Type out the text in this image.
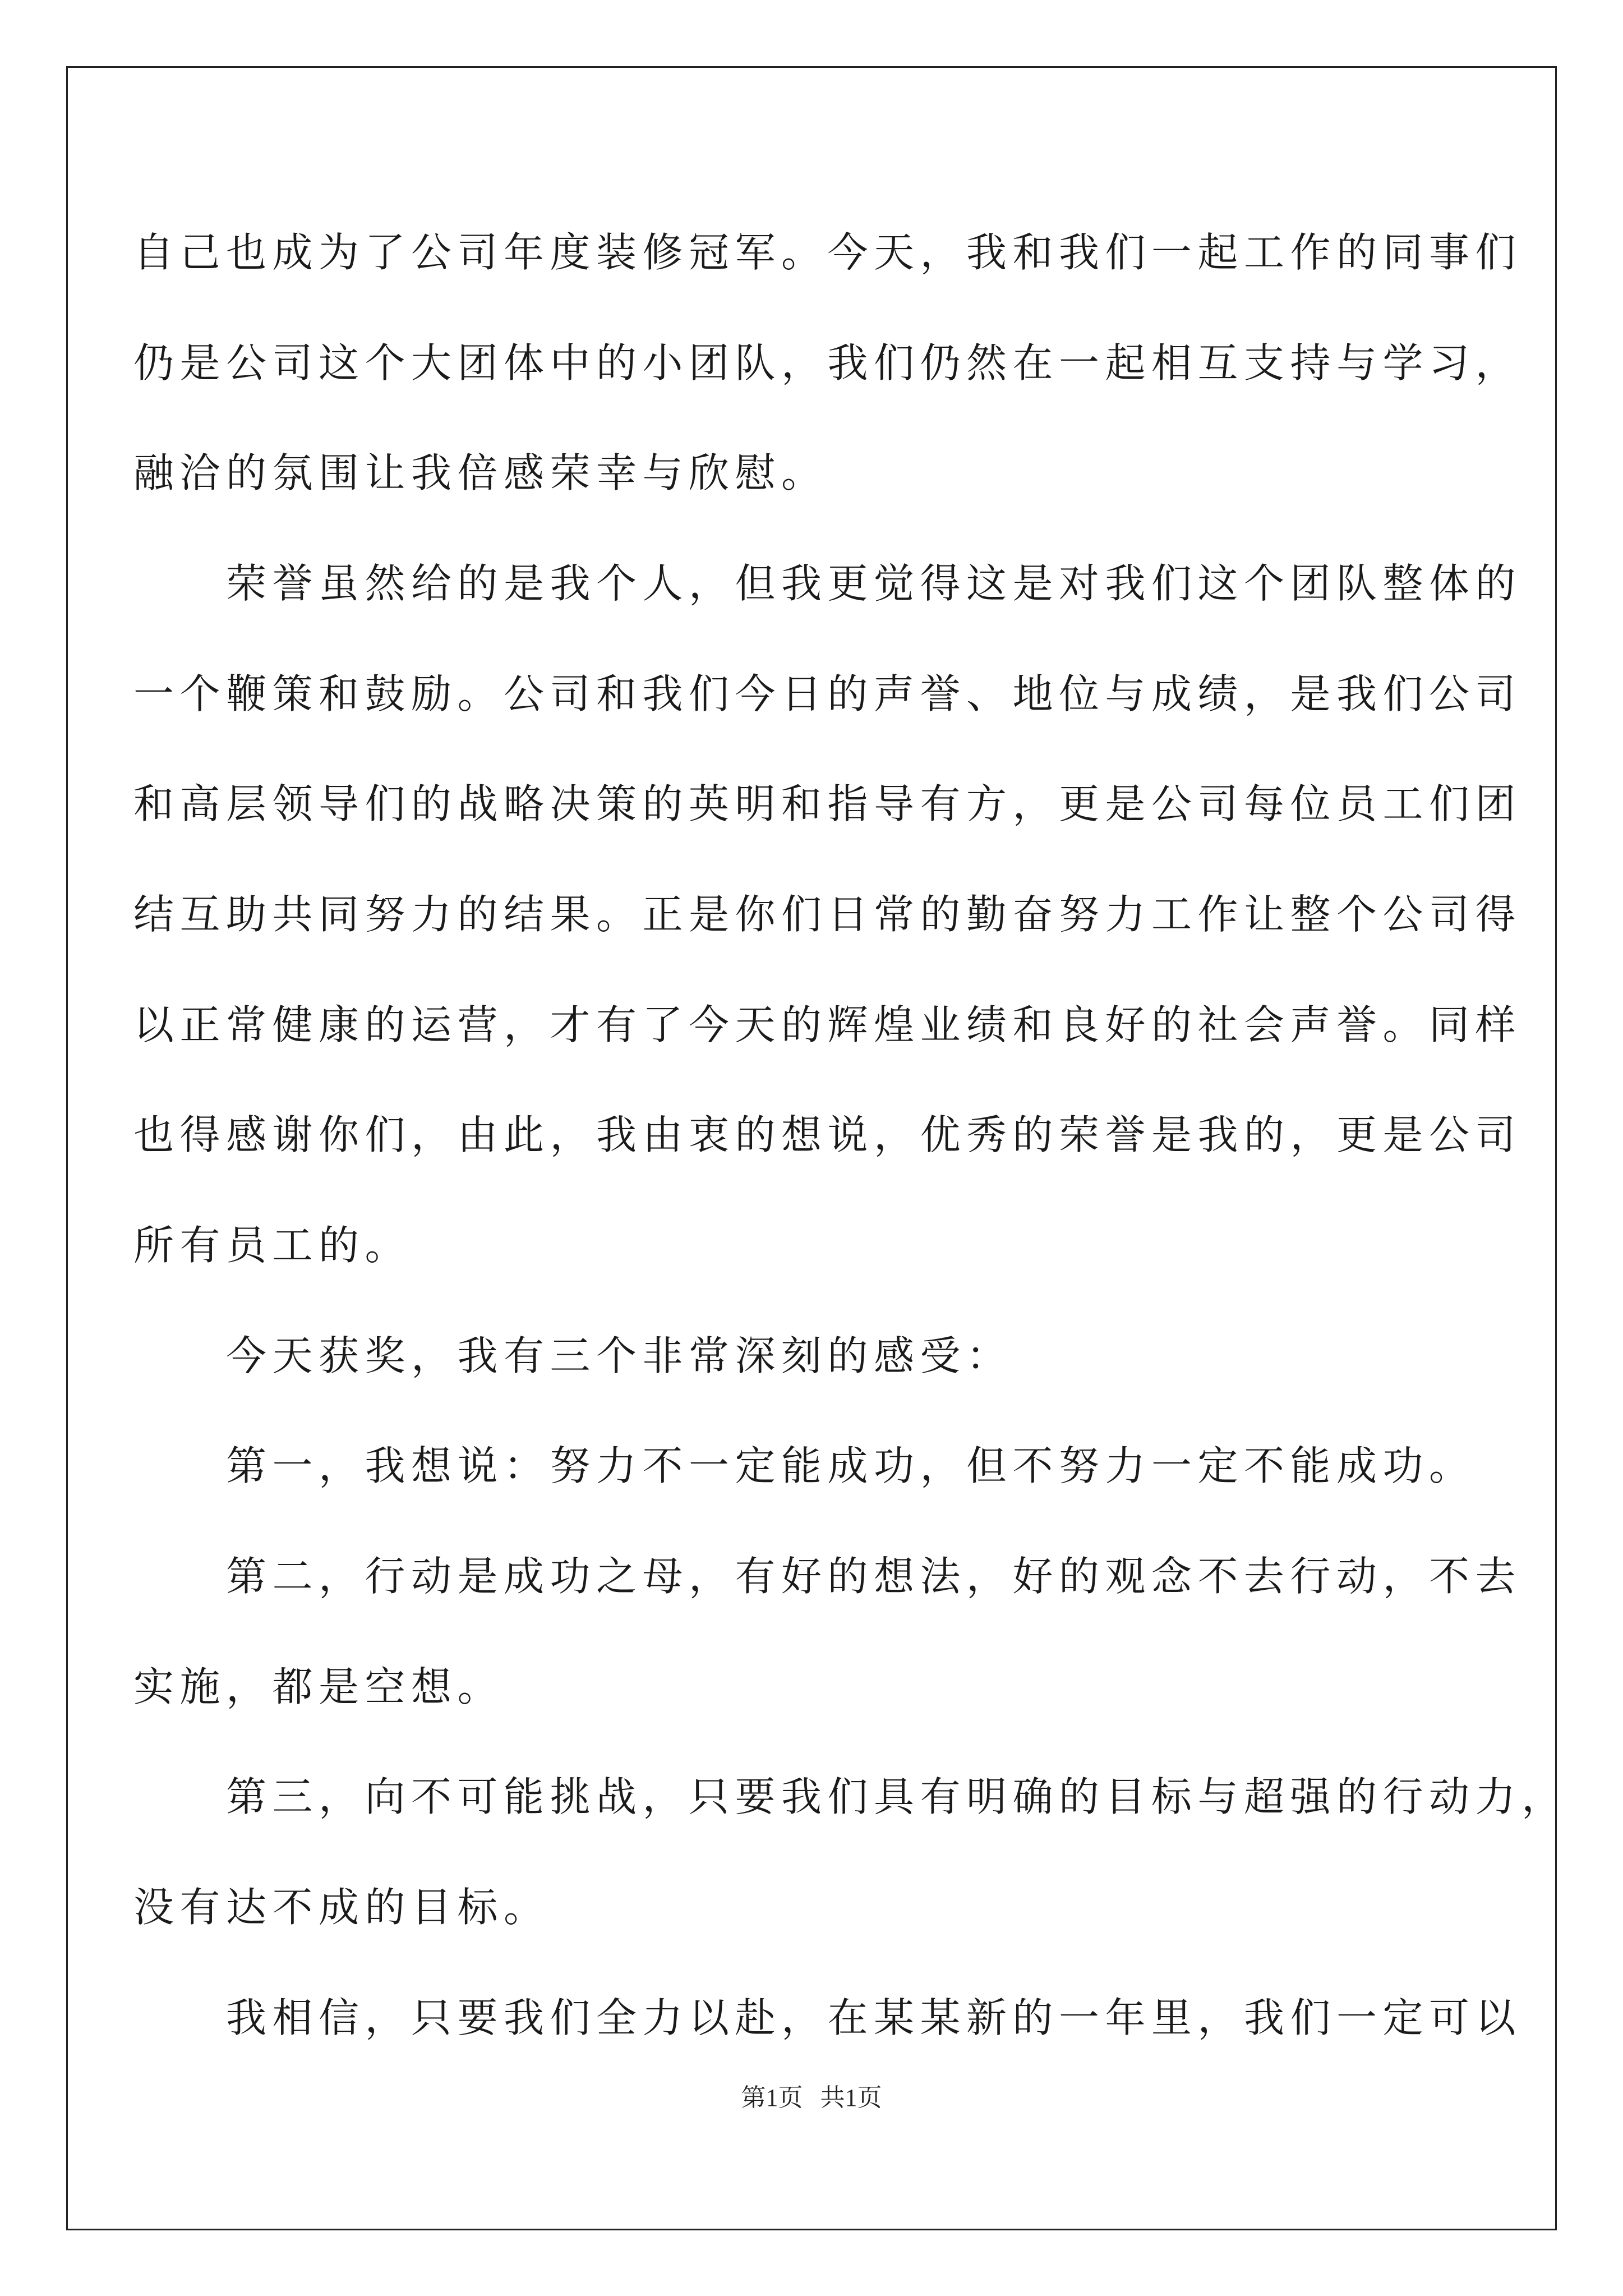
自己也成为了公司年度装修冠军。今天，我和我们一起工作的同事们
仍是公司这个大团体中的小团队，我们仍然在一起相互支持与学习，
融洽的氛围让我倍感荣幸与欣慰。
　　荣誉虽然给的是我个人，但我更觉得这是对我们这个团队整体的
一个鞭策和鼓励。公司和我们今日的声誉、地位与成绩，是我们公司
和高层领导们的战略决策的英明和指导有方，更是公司每位员工们团
结互助共同努力的结果。正是你们日常的勤奋努力工作让整个公司得
以正常健康的运营，才有了今天的辉煌业绩和良好的社会声誉。同样
也得感谢你们，由此，我由衷的想说，优秀的荣誉是我的，更是公司
所有员工的。
　　今天获奖，我有三个非常深刻的感受：
　　第一，我想说：努力不一定能成功，但不努力一定不能成功。
　　第二，行动是成功之母，有好的想法，好的观念不去行动，不去
实施，都是空想。
　　第三，向不可能挑战，只要我们具有明确的目标与超强的行动力，
没有达不成的目标。
　　我相信，只要我们全力以赴，在某某新的一年里，我们一定可以
第1页 共1页
